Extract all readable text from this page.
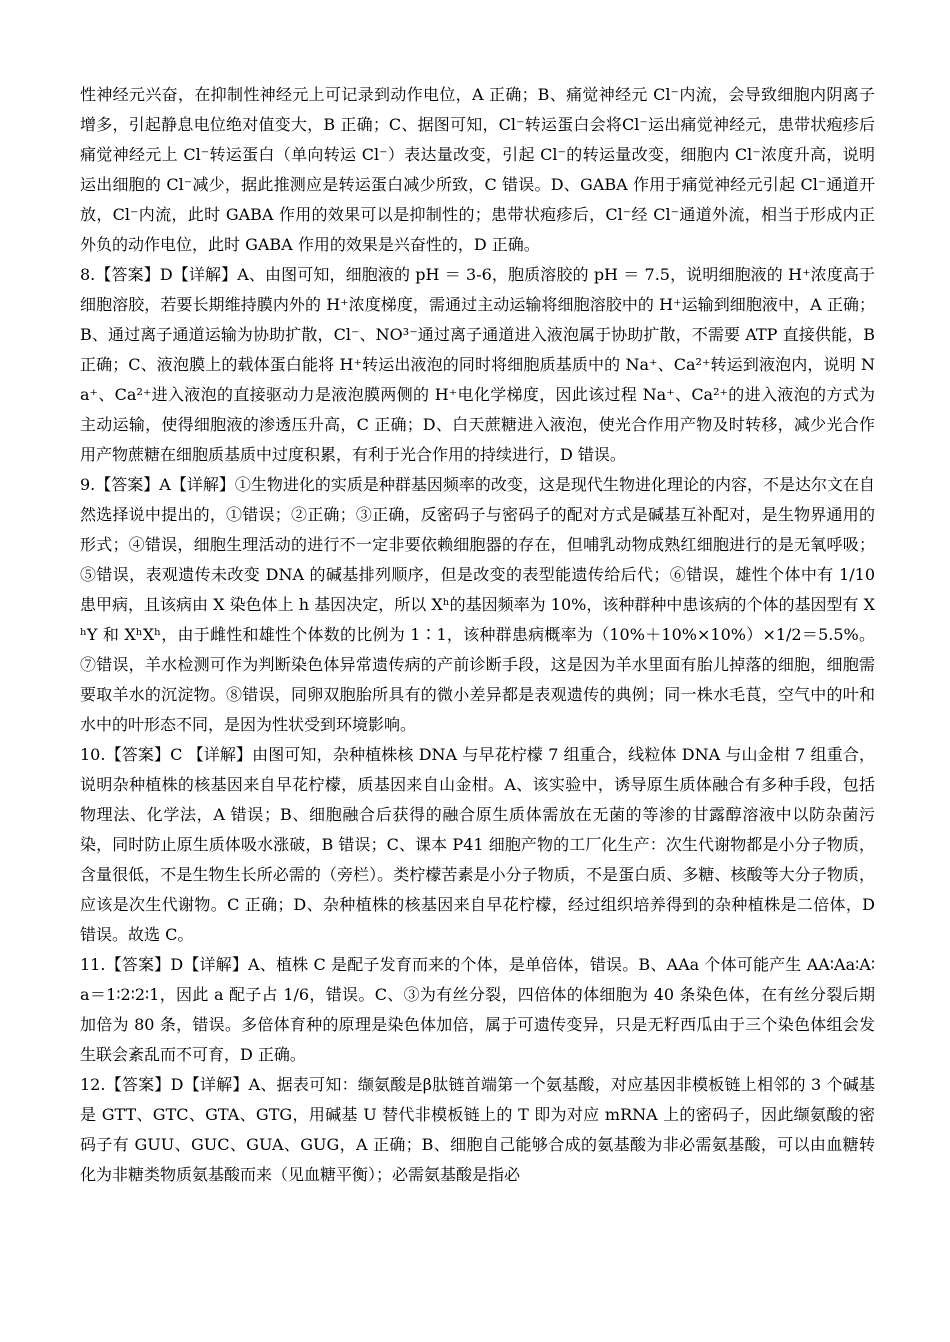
性神经元兴奋，在抑制性神经元上可记录到动作电位，A 正确；B、痛觉神经元 Cl⁻内流，会导致细胞内阴离子增多，引起静息电位绝对值变大，B 正确；C、据图可知，Cl⁻转运蛋白会将Cl⁻运出痛觉神经元，患带状疱疹后痛觉神经元上 Cl⁻转运蛋白（单向转运 Cl⁻）表达量改变，引起 Cl⁻的转运量改变，细胞内 Cl⁻浓度升高，说明运出细胞的 Cl⁻减少，据此推测应是转运蛋白减少所致，C 错误。D、GABA 作用于痛觉神经元引起 Cl⁻通道开放，Cl⁻内流，此时 GABA 作用的效果可以是抑制性的；患带状疱疹后，Cl⁻经 Cl⁻通道外流，相当于形成内正外负的动作电位，此时 GABA 作用的效果是兴奋性的，D 正确。

8.【答案】D【详解】A、由图可知，细胞液的 pH ＝ 3-6，胞质溶胶的 pH ＝ 7.5，说明细胞液的 H⁺浓度高于细胞溶胶，若要长期维持膜内外的 H⁺浓度梯度，需通过主动运输将细胞溶胶中的 H⁺运输到细胞液中，A 正确；B、通过离子通道运输为协助扩散，Cl⁻、NO³⁻通过离子通道进入液泡属于协助扩散，不需要 ATP 直接供能，B 正确；C、液泡膜上的载体蛋白能将 H⁺转运出液泡的同时将细胞质基质中的 Na⁺、Ca²⁺转运到液泡内，说明 Na⁺、Ca²⁺进入液泡的直接驱动力是液泡膜两侧的 H⁺电化学梯度，因此该过程 Na⁺、Ca²⁺的进入液泡的方式为主动运输，使得细胞液的渗透压升高，C 正确；D、白天蔗糖进入液泡，使光合作用产物及时转移，减少光合作用产物蔗糖在细胞质基质中过度积累，有利于光合作用的持续进行，D 错误。

9.【答案】A【详解】①生物进化的实质是种群基因频率的改变，这是现代生物进化理论的内容，不是达尔文在自然选择说中提出的，①错误；②正确；③正确，反密码子与密码子的配对方式是碱基互补配对，是生物界通用的形式；④错误，细胞生理活动的进行不一定非要依赖细胞器的存在，但哺乳动物成熟红细胞进行的是无氧呼吸；⑤错误，表观遗传未改变 DNA 的碱基排列顺序，但是改变的表型能遗传给后代；⑥错误，雄性个体中有 1/10 患甲病，且该病由 X 染色体上 h 基因决定，所以 Xʰ的基因频率为 10%，该种群种中患该病的个体的基因型有 XʰY 和 XʰXʰ，由于雌性和雄性个体数的比例为 1∶1，该种群患病概率为（10%＋10%×10%）×1/2＝5.5%。⑦错误，羊水检测可作为判断染色体异常遗传病的产前诊断手段，这是因为羊水里面有胎儿掉落的细胞，细胞需要取羊水的沉淀物。⑧错误，同卵双胞胎所具有的微小差异都是表观遗传的典例；同一株水毛茛，空气中的叶和水中的叶形态不同，是因为性状受到环境影响。

10.【答案】C 【详解】由图可知，杂种植株核 DNA 与早花柠檬 7 组重合，线粒体 DNA 与山金柑 7 组重合，说明杂种植株的核基因来自早花柠檬，质基因来自山金柑。A、该实验中，诱导原生质体融合有多种手段，包括物理法、化学法，A 错误；B、细胞融合后获得的融合原生质体需放在无菌的等渗的甘露醇溶液中以防杂菌污染，同时防止原生质体吸水涨破，B 错误；C、课本 P41 细胞产物的工厂化生产：次生代谢物都是小分子物质，含量很低，不是生物生长所必需的（旁栏）。类柠檬苦素是小分子物质，不是蛋白质、多糖、核酸等大分子物质，应该是次生代谢物。C 正确；D、杂种植株的核基因来自早花柠檬，经过组织培养得到的杂种植株是二倍体，D 错误。故选 C。

11.【答案】D【详解】A、植株 C 是配子发育而来的个体，是单倍体，错误。B、AAa 个体可能产生 AA∶Aa∶A∶a＝1∶2∶2∶1，因此 a 配子占 1/6，错误。C、③为有丝分裂，四倍体的体细胞为 40 条染色体，在有丝分裂后期加倍为 80 条，错误。多倍体育种的原理是染色体加倍，属于可遗传变异，只是无籽西瓜由于三个染色体组会发生联会紊乱而不可育，D 正确。

12.【答案】D【详解】A、据表可知：缬氨酸是β肽链首端第一个氨基酸，对应基因非模板链上相邻的 3 个碱基是 GTT、GTC、GTA、GTG，用碱基 U 替代非模板链上的 T 即为对应 mRNA 上的密码子，因此缬氨酸的密码子有 GUU、GUC、GUA、GUG，A 正确；B、细胞自己能够合成的氨基酸为非必需氨基酸，可以由血糖转化为非糖类物质氨基酸而来（见血糖平衡）；必需氨基酸是指必
